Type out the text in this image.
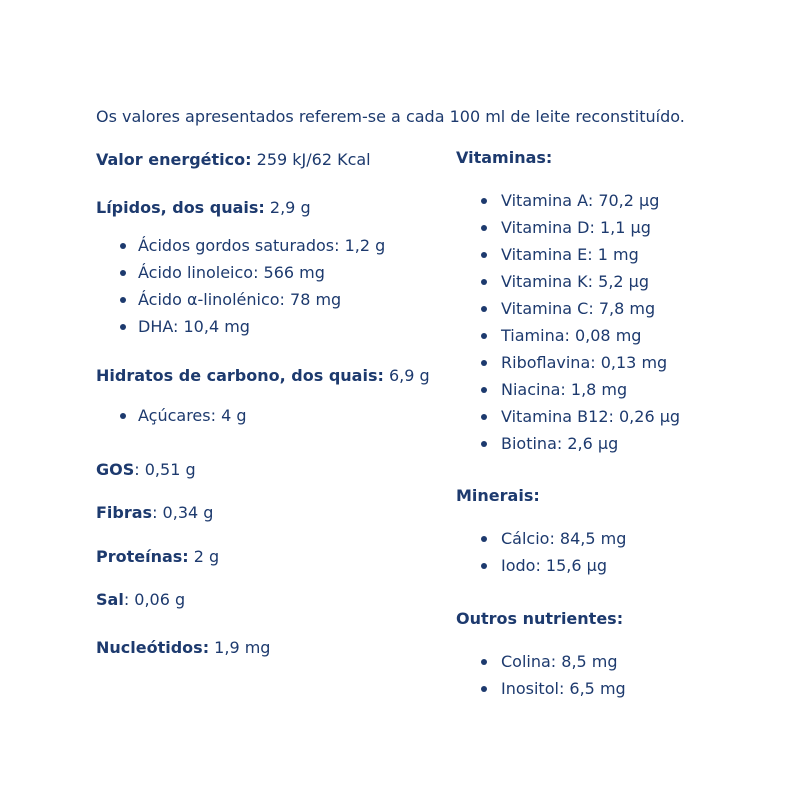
Os valores apresentados referem-se a cada 100 ml de leite reconstituído.

Valor energético: 259 kJ/62 Kcal

Lípidos, dos quais: 2,9 g

Ácidos gordos saturados: 1,2 g
Ácido linoleico: 566 mg
Ácido α-linolénico: 78 mg
DHA: 10,4 mg

Hidratos de carbono, dos quais: 6,9 g

Açúcares: 4 g

GOS: 0,51 g

Fibras: 0,34 g

Proteínas: 2 g

Sal: 0,06 g

Nucleótidos: 1,9 mg

Vitaminas:

Vitamina A: 70,2 µg
Vitamina D: 1,1 µg
Vitamina E: 1 mg
Vitamina K: 5,2 µg
Vitamina C: 7,8 mg
Tiamina: 0,08 mg
Riboflavina: 0,13 mg
Niacina: 1,8 mg
Vitamina B12: 0,26 µg
Biotina: 2,6 µg

Minerais:

Cálcio: 84,5 mg
Iodo: 15,6 µg

Outros nutrientes:

Colina: 8,5 mg
Inositol: 6,5 mg
